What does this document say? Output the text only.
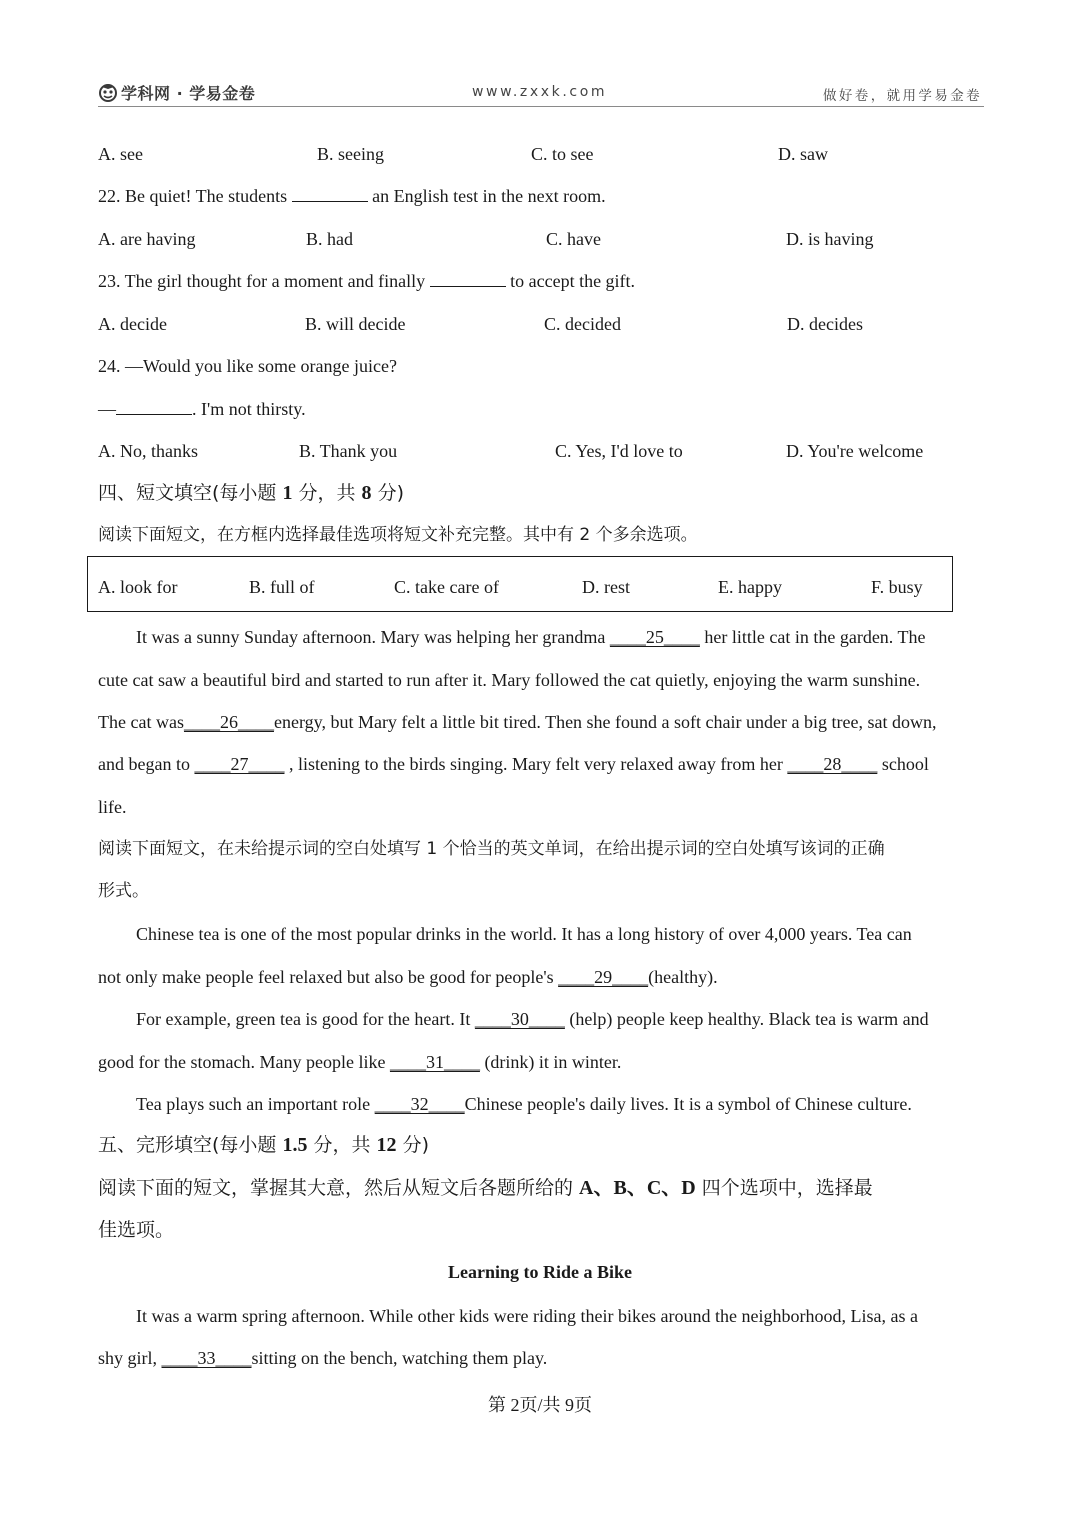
学科网 · 学易金卷	www.zxxk.com	做好卷，就用学易金卷
A. see	B. seeing	C. to see	D. saw
22. Be quiet! The students	an English test in the next room.
A. are having	B. had	C. have	D. is having
23. The girl thought for a moment and finally	to accept the gift.
A. decide	B. will decide	C. decided	D. decides
24. —Would you like some orange juice?
—	. I'm not thirsty.
A. No, thanks	B. Thank you	C. Yes, I'd love to	D. You're welcome
四、短文填空(每小题 1 分，共 8 分)
阅读下面短文，在方框内选择最佳选项将短文补充完整。其中有 2 个多余选项。
A. look for	B. full of	C. take care of	D. rest	E. happy	F. busy
It was a sunny Sunday afternoon. Mary was helping her grandma ____25____ her little cat in the garden. The
cute cat saw a beautiful bird and started to run after it. Mary followed the cat quietly, enjoying the warm sunshine.
The cat was____26____energy, but Mary felt a little bit tired. Then she found a soft chair under a big tree, sat down,
and began to ____27____ , listening to the birds singing. Mary felt very relaxed away from her ____28____ school
life.
阅读下面短文，在未给提示词的空白处填写 1 个恰当的英文单词，在给出提示词的空白处填写该词的正确
形式。
Chinese tea is one of the most popular drinks in the world. It has a long history of over 4,000 years. Tea can
not only make people feel relaxed but also be good for people's ____29____(healthy).
For example, green tea is good for the heart. It ____30____ (help) people keep healthy. Black tea is warm and
good for the stomach. Many people like ____31____ (drink) it in winter.
Tea plays such an important role ____32____Chinese people's daily lives. It is a symbol of Chinese culture.
五、完形填空(每小题 1.5 分，共 12 分)
阅读下面的短文，掌握其大意，然后从短文后各题所给的 A、B、C、D 四个选项中，选择最
佳选项。
Learning to Ride a Bike
It was a warm spring afternoon. While other kids were riding their bikes around the neighborhood, Lisa, as a
shy girl, ____33____sitting on the bench, watching them play.
第 2页/共 9页
